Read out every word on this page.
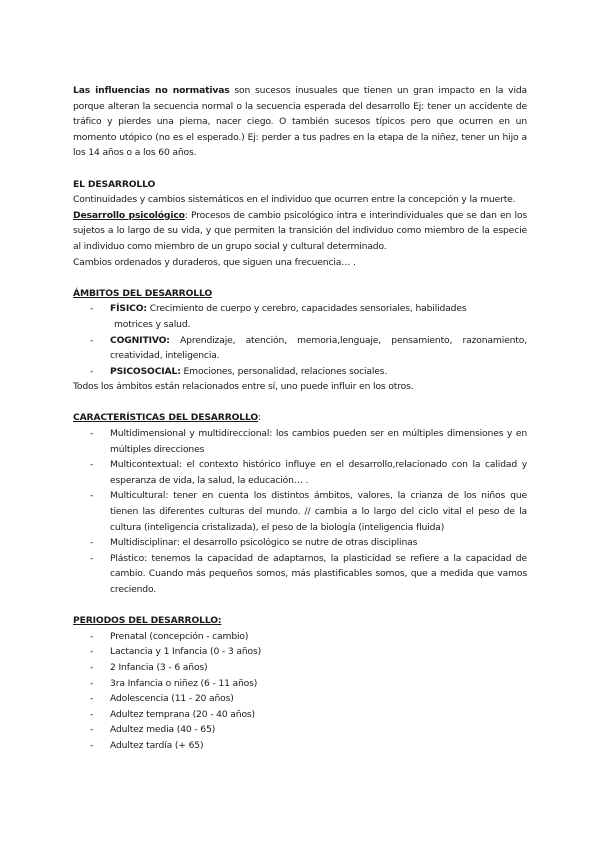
Las influencias no normativas son sucesos inusuales que tienen un gran impacto en la vida porque alteran la secuencia normal o la secuencia esperada del desarrollo Ej: tener un accidente de tráfico y pierdes una pierna, nacer ciego. O también sucesos típicos pero que ocurren en un momento utópico (no es el esperado.) Ej: perder a tus padres en la etapa de la niñez, tener un hijo a los 14 años o a los 60 años.

EL DESARROLLO

Continuidades y cambios sistemáticos en el individuo que ocurren entre la concepción y la muerte.

Desarrollo psicológico: Procesos de cambio psicológico intra e interindividuales que se dan en los sujetos a lo largo de su vida, y que permiten la transición del individuo como miembro de la especie al individuo como miembro de un grupo social y cultural determinado.

Cambios ordenados y duraderos, que siguen una frecuencia… .

ÁMBITOS DEL DESARROLLO

- FÍSICO: Crecimiento de cuerpo y cerebro, capacidades sensoriales, habilidades
motrices y salud.
- COGNITIVO: Aprendizaje, atención, memoria,lenguaje, pensamiento, razonamiento, creatividad, inteligencia.
- PSICOSOCIAL: Emociones, personalidad, relaciones sociales.

Todos los ámbitos están relacionados entre sí, uno puede influir en los otros.

CARACTERÍSTICAS DEL DESARROLLO:

- Multidimensional y multidireccional: los cambios pueden ser en múltiples dimensiones y en múltiples direcciones
- Multicontextual: el contexto histórico influye en el desarrollo,relacionado con la calidad y esperanza de vida, la salud, la educación… .
- Multicultural: tener en cuenta los distintos ámbitos, valores, la crianza de los niños que tienen las diferentes culturas del mundo. // cambia a lo largo del ciclo vital el peso de la cultura (inteligencia cristalizada), el peso de la biología (inteligencia fluida)
- Multidisciplinar: el desarrollo psicológico se nutre de otras disciplinas
- Plástico: tenemos la capacidad de adaptarnos, la plasticidad se refiere a la capacidad de cambio. Cuando más pequeños somos, más plastificables somos, que a medida que vamos creciendo.

PERIODOS DEL DESARROLLO:

- Prenatal (concepción - cambio)
- Lactancia y 1 Infancia (0 - 3 años)
- 2 Infancia (3 - 6 años)
- 3ra Infancia o niñez (6 - 11 años)
- Adolescencia (11 - 20 años)
- Adultez temprana (20 - 40 años)
- Adultez media (40 - 65)
- Adultez tardía (+ 65)
